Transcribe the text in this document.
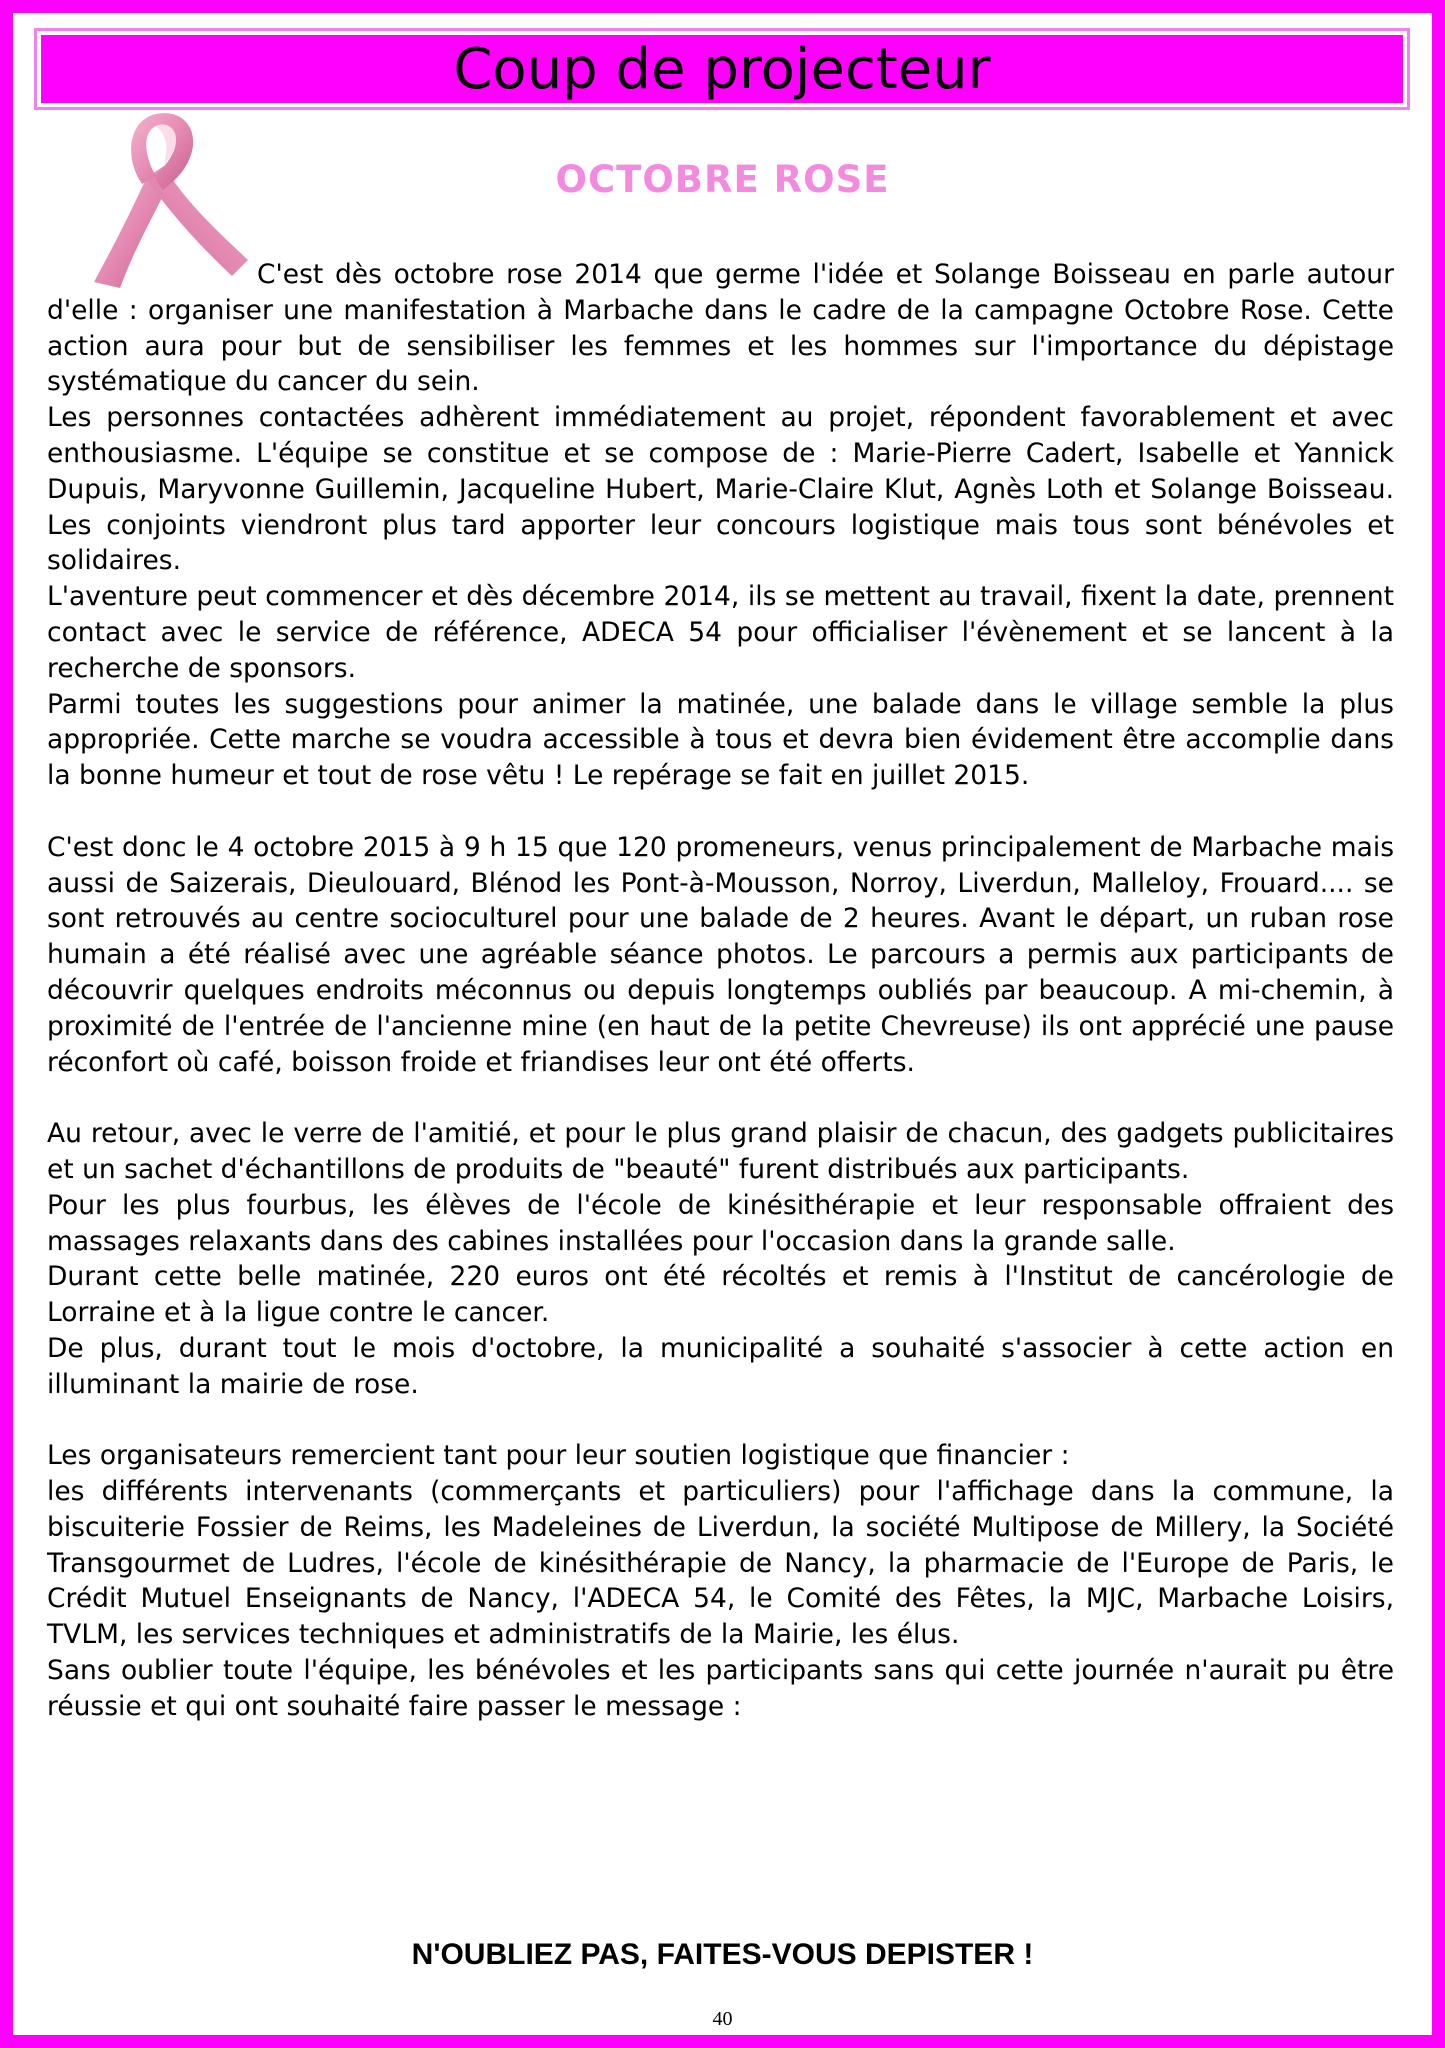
Coup de projecteur
OCTOBRE ROSE

C'est dès octobre rose 2014 que germe l'idée et Solange Boisseau en parle autour d'elle : organiser une manifestation à Marbache dans le cadre de la campagne Octobre Rose. Cette action aura pour but de sensibiliser les femmes et les hommes sur l'importance du dépistage systématique du cancer du sein.

Les personnes contactées adhèrent immédiatement au projet, répondent favorablement et avec enthousiasme. L'équipe se constitue et se compose de : Marie-Pierre Cadert, Isabelle et Yannick Dupuis, Maryvonne Guillemin, Jacqueline Hubert, Marie-Claire Klut, Agnès Loth et Solange Boisseau. Les conjoints viendront plus tard apporter leur concours logistique mais tous sont bénévoles et solidaires.

L'aventure peut commencer et dès décembre 2014, ils se mettent au travail, fixent la date, prennent contact avec le service de référence, ADECA 54 pour officialiser l'évènement et se lancent à la recherche de sponsors.

Parmi toutes les suggestions pour animer la matinée, une balade dans le village semble la plus appropriée. Cette marche se voudra accessible à tous et devra bien évidement être accomplie dans la bonne humeur et tout de rose vêtu ! Le repérage se fait en juillet 2015.

C'est donc le 4 octobre 2015 à 9 h 15 que 120 promeneurs, venus principalement de Marbache mais aussi de Saizerais, Dieulouard, Blénod les Pont-à-Mousson, Norroy, Liverdun, Malleloy, Frouard.... se sont retrouvés au centre socioculturel pour une balade de 2 heures. Avant le départ, un ruban rose humain a été réalisé avec une agréable séance photos. Le parcours a permis aux participants de découvrir quelques endroits méconnus ou depuis longtemps oubliés par beaucoup. A mi-chemin, à proximité de l'entrée de l'ancienne mine (en haut de la petite Chevreuse) ils ont apprécié une pause réconfort où café, boisson froide et friandises leur ont été offerts.

Au retour, avec le verre de l'amitié, et pour le plus grand plaisir de chacun, des gadgets publicitaires et un sachet d'échantillons de produits de "beauté" furent distribués aux participants.

Pour les plus fourbus, les élèves de l'école de kinésithérapie et leur responsable offraient des massages relaxants dans des cabines installées pour l'occasion dans la grande salle.

Durant cette belle matinée, 220 euros ont été récoltés et remis à l'Institut de cancérologie de Lorraine et à la ligue contre le cancer.

De plus, durant tout le mois d'octobre, la municipalité a souhaité s'associer à cette action en illuminant la mairie de rose.

Les organisateurs remercient tant pour leur soutien logistique que financier :

les différents intervenants (commerçants et particuliers) pour l'affichage dans la commune, la biscuiterie Fossier de Reims, les Madeleines de Liverdun, la société Multipose de Millery, la Société Transgourmet de Ludres, l'école de kinésithérapie de Nancy, la pharmacie de l'Europe de Paris, le Crédit Mutuel Enseignants de Nancy, l'ADECA 54, le Comité des Fêtes, la MJC, Marbache Loisirs, TVLM, les services techniques et administratifs de la Mairie, les élus.

Sans oublier toute l'équipe, les bénévoles et les participants sans qui cette journée n'aurait pu être réussie et qui ont souhaité faire passer le message :

N'OUBLIEZ PAS, FAITES-VOUS DEPISTER !
40
